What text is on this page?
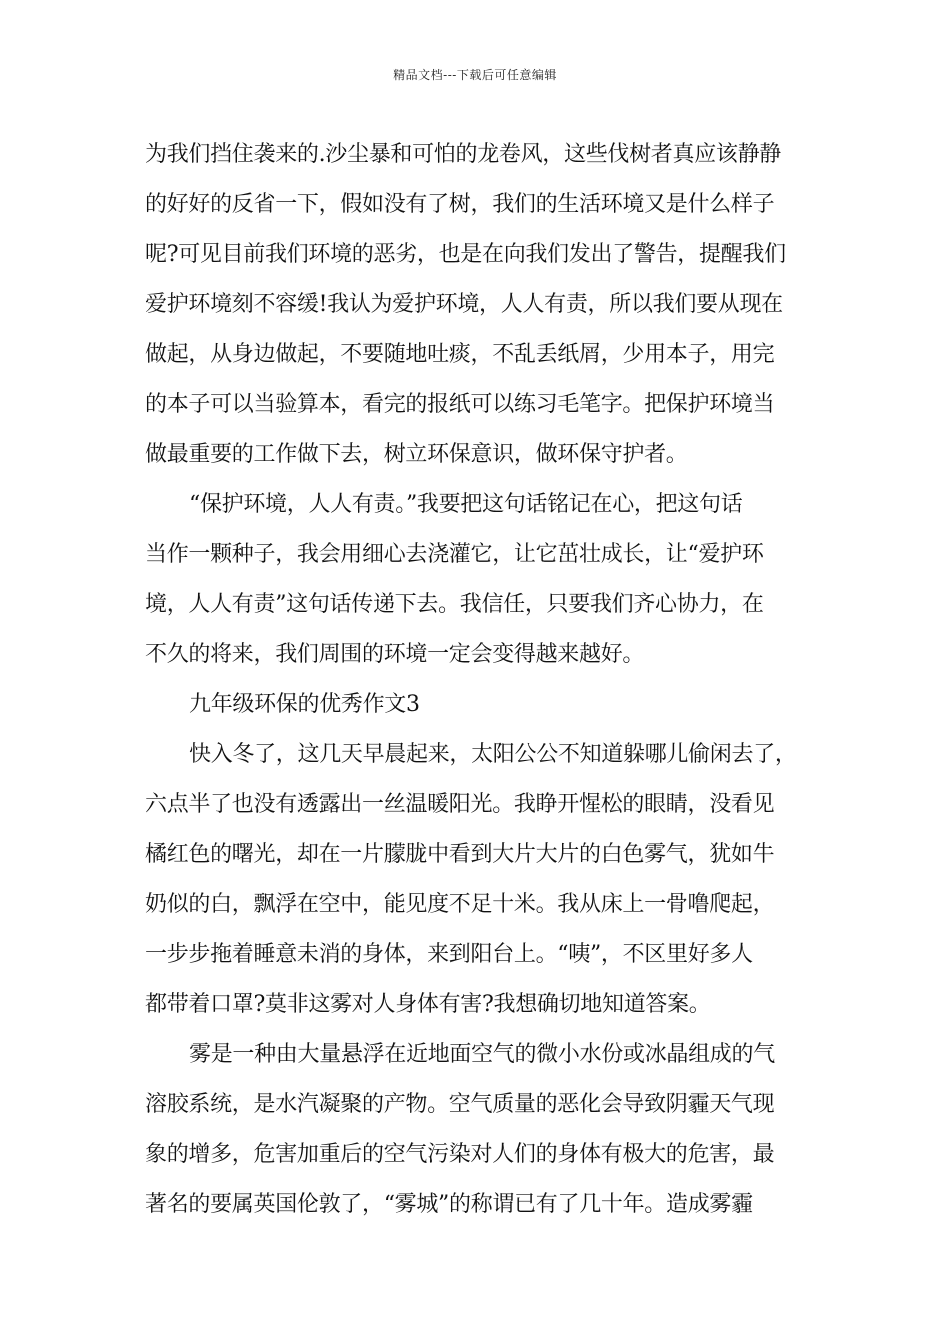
精品文档---下载后可任意编辑
为我们挡住袭来的.沙尘暴和可怕的龙卷风，这些伐树者真应该静静
的好好的反省一下，假如没有了树，我们的生活环境又是什么样子
呢?可见目前我们环境的恶劣，也是在向我们发出了警告，提醒我们
爱护环境刻不容缓!我认为爱护环境，人人有责，所以我们要从现在
做起，从身边做起，不要随地吐痰，不乱丢纸屑，少用本子，用完
的本子可以当验算本，看完的报纸可以练习毛笔字。把保护环境当
做最重要的工作做下去，树立环保意识，做环保守护者。
“保护环境，人人有责。”我要把这句话铭记在心，把这句话
当作一颗种子，我会用细心去浇灌它，让它茁壮成长，让“爱护环
境，人人有责”这句话传递下去。我信任，只要我们齐心协力，在
不久的将来，我们周围的环境一定会变得越来越好。
九年级环保的优秀作文3
快入冬了，这几天早晨起来，太阳公公不知道躲哪儿偷闲去了，
六点半了也没有透露出一丝温暖阳光。我睁开惺松的眼睛，没看见
橘红色的曙光，却在一片朦胧中看到大片大片的白色雾气，犹如牛
奶似的白，飘浮在空中，能见度不足十米。我从床上一骨噜爬起，
一步步拖着睡意未消的身体，来到阳台上。“咦”，不区里好多人
都带着口罩?莫非这雾对人身体有害?我想确切地知道答案。
雾是一种由大量悬浮在近地面空气的微小水份或冰晶组成的气
溶胶系统，是水汽凝聚的产物。空气质量的恶化会导致阴霾天气现
象的增多，危害加重后的空气污染对人们的身体有极大的危害，最
著名的要属英国伦敦了，“雾城”的称谓已有了几十年。造成雾霾
